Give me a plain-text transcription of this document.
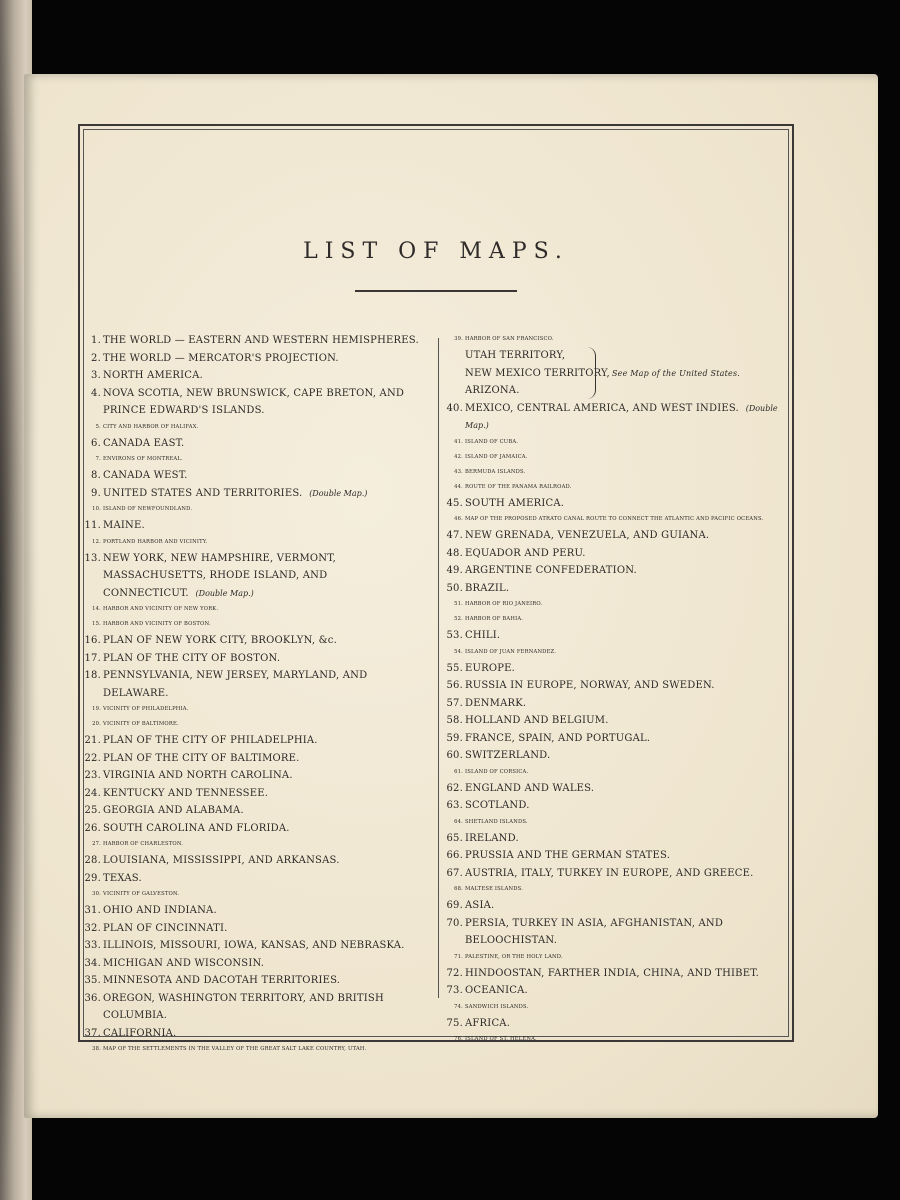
LIST OF MAPS.
1. THE WORLD — EASTERN AND WESTERN HEMISPHERES.
2. THE WORLD — MERCATOR'S PROJECTION.
3. NORTH AMERICA.
4. NOVA SCOTIA, NEW BRUNSWICK, CAPE BRETON, AND PRINCE EDWARD'S ISLANDS.
5. CITY AND HARBOR OF HALIFAX.
6. CANADA EAST.
7. ENVIRONS OF MONTREAL.
8. CANADA WEST.
9. UNITED STATES AND TERRITORIES. (Double Map.)
10. ISLAND OF NEWFOUNDLAND.
11. MAINE.
12. PORTLAND HARBOR AND VICINITY.
13. NEW YORK, NEW HAMPSHIRE, VERMONT, MASSACHUSETTS, RHODE ISLAND, AND CONNECTICUT. (Double Map.)
14. HARBOR AND VICINITY OF NEW YORK.
15. HARBOR AND VICINITY OF BOSTON.
16. PLAN OF NEW YORK CITY, BROOKLYN, &c.
17. PLAN OF THE CITY OF BOSTON.
18. PENNSYLVANIA, NEW JERSEY, MARYLAND, AND DELAWARE.
19. VICINITY OF PHILADELPHIA.
20. VICINITY OF BALTIMORE.
21. PLAN OF THE CITY OF PHILADELPHIA.
22. PLAN OF THE CITY OF BALTIMORE.
23. VIRGINIA AND NORTH CAROLINA.
24. KENTUCKY AND TENNESSEE.
25. GEORGIA AND ALABAMA.
26. SOUTH CAROLINA AND FLORIDA.
27. HARBOR OF CHARLESTON.
28. LOUISIANA, MISSISSIPPI, AND ARKANSAS.
29. TEXAS.
30. VICINITY OF GALVESTON.
31. OHIO AND INDIANA.
32. PLAN OF CINCINNATI.
33. ILLINOIS, MISSOURI, IOWA, KANSAS, AND NEBRASKA.
34. MICHIGAN AND WISCONSIN.
35. MINNESOTA AND DACOTAH TERRITORIES.
36. OREGON, WASHINGTON TERRITORY, AND BRITISH COLUMBIA.
37. CALIFORNIA.
38. MAP OF THE SETTLEMENTS IN THE VALLEY OF THE GREAT SALT LAKE COUNTRY, UTAH.
39. HARBOR OF SAN FRANCISCO.
UTAH TERRITORY,
NEW MEXICO TERRITORY,
ARIZONA.
See Map of the United States.
40. MEXICO, CENTRAL AMERICA, AND WEST INDIES. (Double Map.)
41. ISLAND OF CUBA.
42. ISLAND OF JAMAICA.
43. BERMUDA ISLANDS.
44. ROUTE OF THE PANAMA RAILROAD.
45. SOUTH AMERICA.
46. MAP OF THE PROPOSED ATRATO CANAL ROUTE TO CONNECT THE ATLANTIC AND PACIFIC OCEANS.
47. NEW GRENADA, VENEZUELA, AND GUIANA.
48. EQUADOR AND PERU.
49. ARGENTINE CONFEDERATION.
50. BRAZIL.
51. HARBOR OF RIO JANEIRO.
52. HARBOR OF BAHIA.
53. CHILI.
54. ISLAND OF JUAN FERNANDEZ.
55. EUROPE.
56. RUSSIA IN EUROPE, NORWAY, AND SWEDEN.
57. DENMARK.
58. HOLLAND AND BELGIUM.
59. FRANCE, SPAIN, AND PORTUGAL.
60. SWITZERLAND.
61. ISLAND OF CORSICA.
62. ENGLAND AND WALES.
63. SCOTLAND.
64. SHETLAND ISLANDS.
65. IRELAND.
66. PRUSSIA AND THE GERMAN STATES.
67. AUSTRIA, ITALY, TURKEY IN EUROPE, AND GREECE.
68. MALTESE ISLANDS.
69. ASIA.
70. PERSIA, TURKEY IN ASIA, AFGHANISTAN, AND BELOOCHISTAN.
71. PALESTINE, OR THE HOLY LAND.
72. HINDOOSTAN, FARTHER INDIA, CHINA, AND THIBET.
73. OCEANICA.
74. SANDWICH ISLANDS.
75. AFRICA.
76. ISLAND OF ST. HELENA.
